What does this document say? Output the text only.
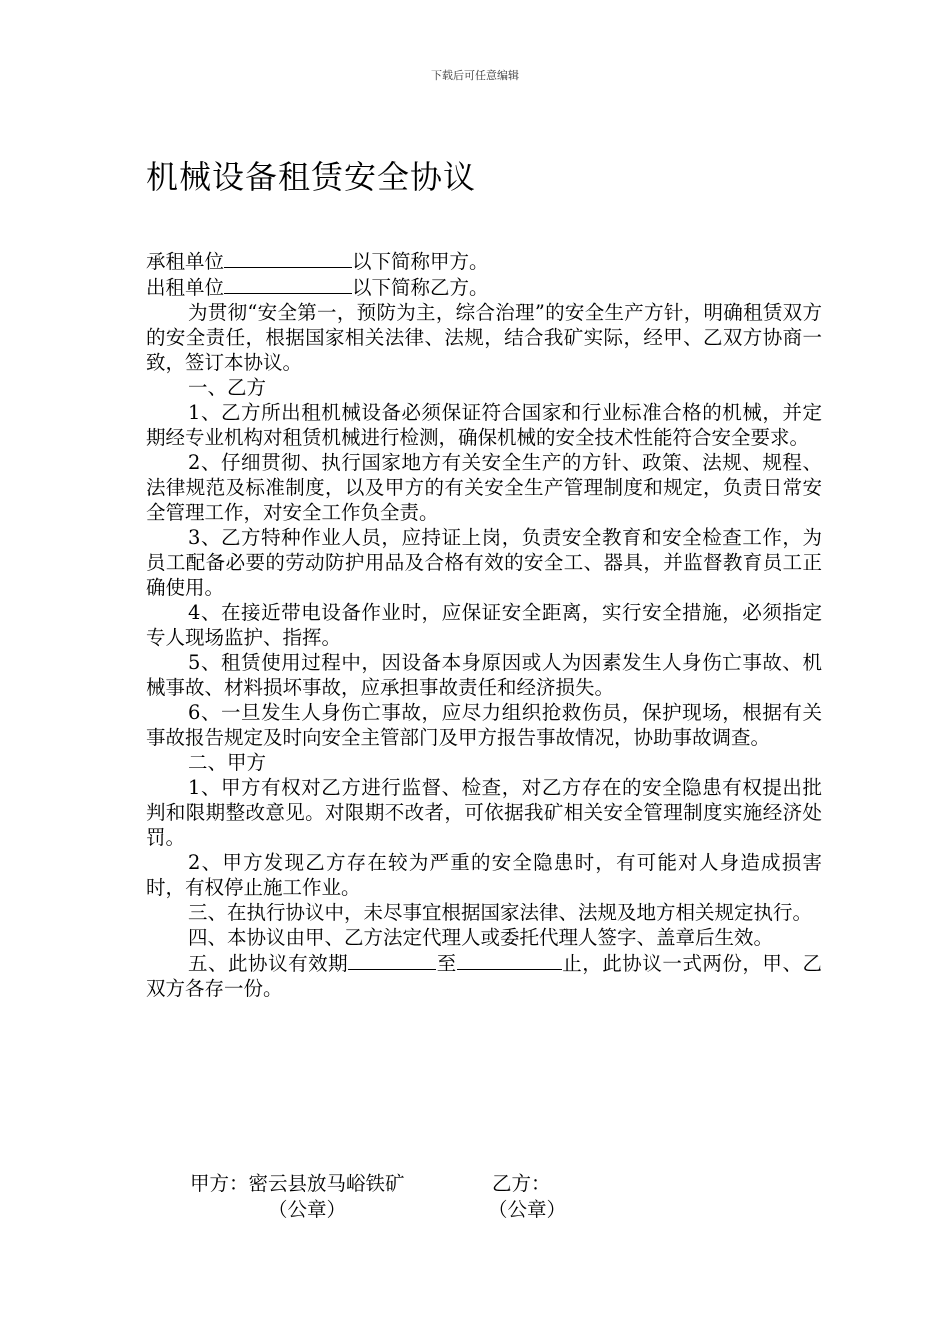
下载后可任意编辑
机械设备租赁安全协议
承租单位	以下简称甲方。
出租单位	以下简称乙方。

为贯彻“安全第一，预防为主，综合治理”的安全生产方针，明确租赁双方的安全责任，根据国家相关法律、法规，结合我矿实际，经甲、乙双方协商一致，签订本协议。

一、乙方

1、乙方所出租机械设备必须保证符合国家和行业标准合格的机械，并定期经专业机构对租赁机械进行检测，确保机械的安全技术性能符合安全要求。

2、仔细贯彻、执行国家地方有关安全生产的方针、政策、法规、规程、法律规范及标准制度，以及甲方的有关安全生产管理制度和规定，负责日常安全管理工作，对安全工作负全责。

3、乙方特种作业人员，应持证上岗，负责安全教育和安全检查工作，为员工配备必要的劳动防护用品及合格有效的安全工、器具，并监督教育员工正确使用。

4、在接近带电设备作业时，应保证安全距离，实行安全措施，必须指定专人现场监护、指挥。

5、租赁使用过程中，因设备本身原因或人为因素发生人身伤亡事故、机械事故、材料损坏事故，应承担事故责任和经济损失。

6、一旦发生人身伤亡事故，应尽力组织抢救伤员，保护现场，根据有关事故报告规定及时向安全主管部门及甲方报告事故情况，协助事故调查。

二、甲方

1、甲方有权对乙方进行监督、检查，对乙方存在的安全隐患有权提出批判和限期整改意见。对限期不改者，可依据我矿相关安全管理制度实施经济处罚。

2、甲方发现乙方存在较为严重的安全隐患时，有可能对人身造成损害时，有权停止施工作业。

三、在执行协议中，未尽事宜根据国家法律、法规及地方相关规定执行。

四、本协议由甲、乙方法定代理人或委托代理人签字、盖章后生效。

五、此协议有效期	至	止，此协议一式两份，甲、乙双方各存一份。

甲方：密云县放马峪铁矿	乙方：
（公章）	（公章）
